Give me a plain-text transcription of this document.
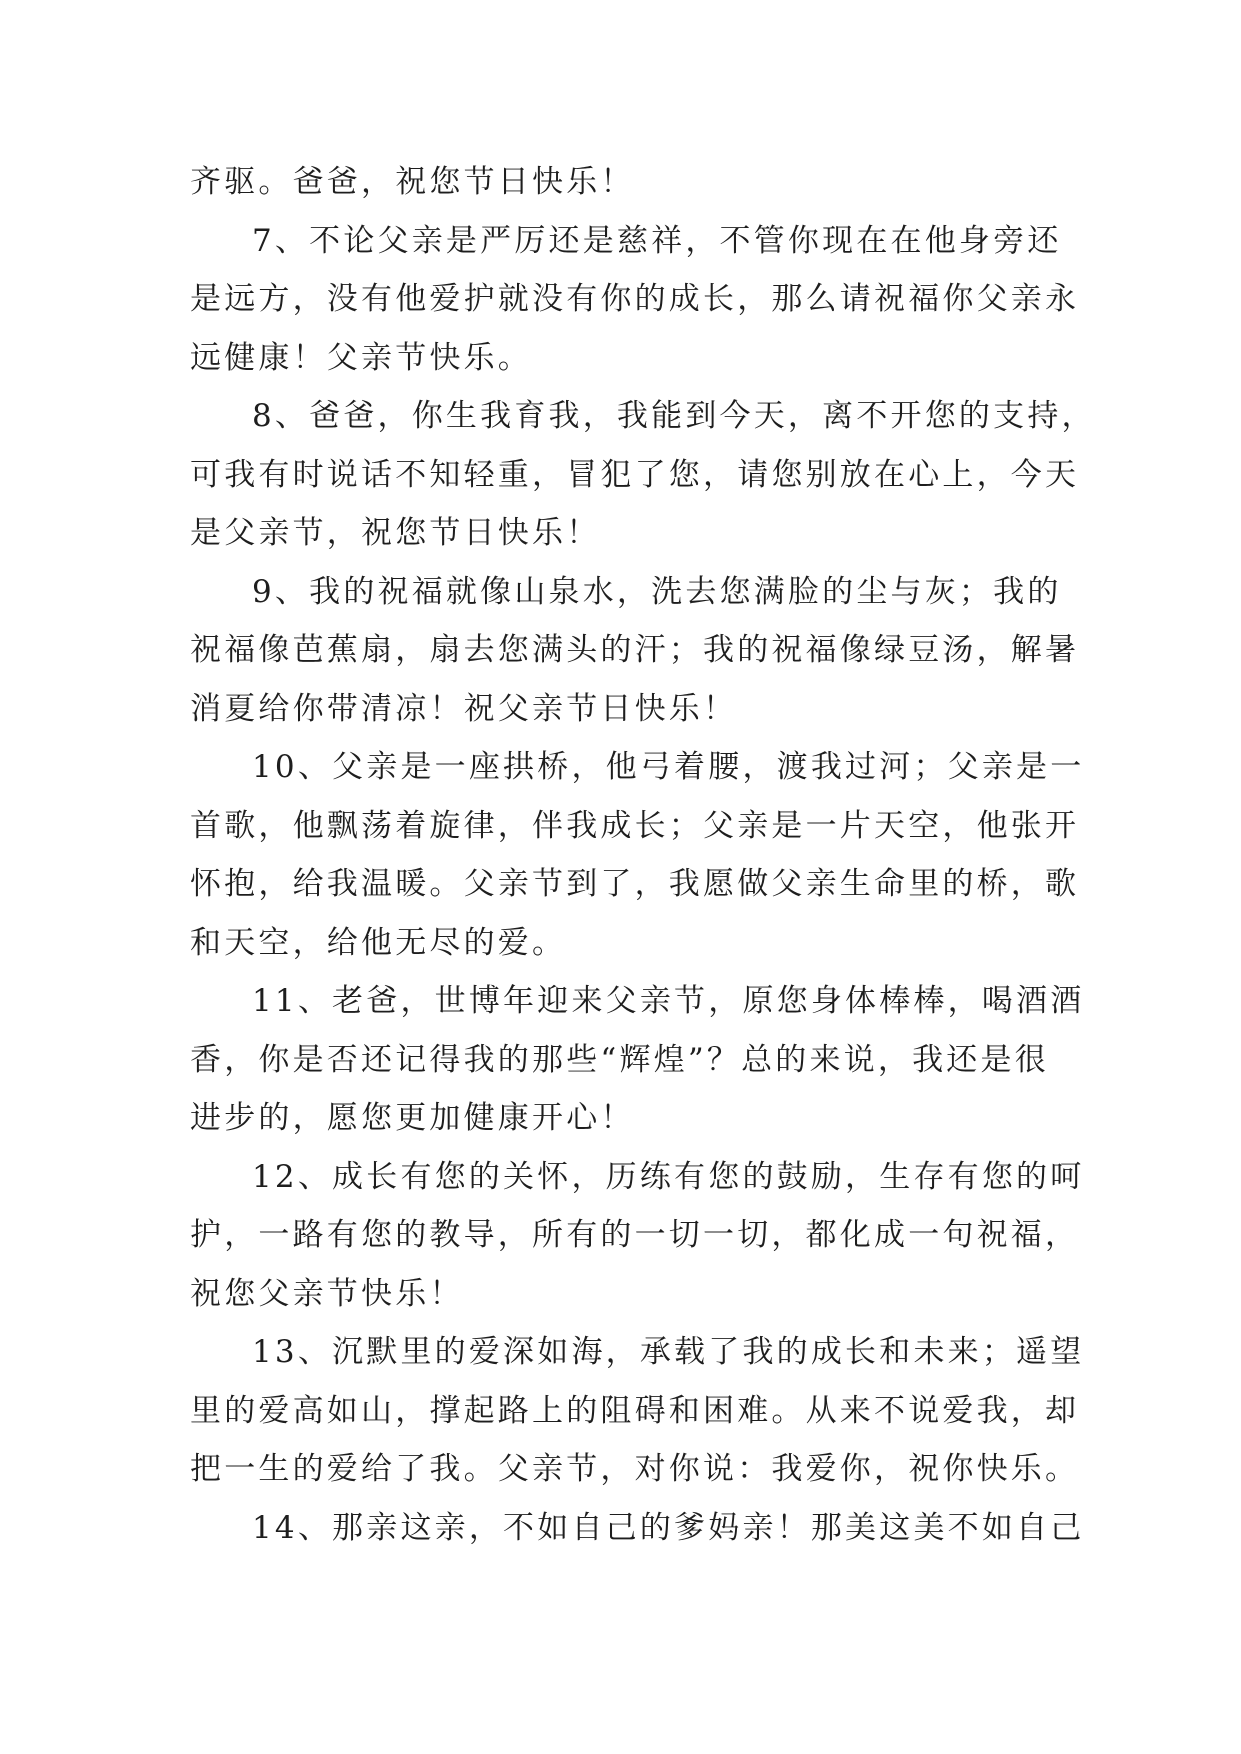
齐驱。爸爸，祝您节日快乐！
7、不论父亲是严厉还是慈祥，不管你现在在他身旁还
是远方，没有他爱护就没有你的成长，那么请祝福你父亲永
远健康！父亲节快乐。
8、爸爸，你生我育我，我能到今天，离不开您的支持，
可我有时说话不知轻重，冒犯了您，请您别放在心上，今天
是父亲节，祝您节日快乐！
9、我的祝福就像山泉水，洗去您满脸的尘与灰；我的
祝福像芭蕉扇，扇去您满头的汗；我的祝福像绿豆汤，解暑
消夏给你带清凉！祝父亲节日快乐！
10、父亲是一座拱桥，他弓着腰，渡我过河；父亲是一
首歌，他飘荡着旋律，伴我成长；父亲是一片天空，他张开
怀抱，给我温暖。父亲节到了，我愿做父亲生命里的桥，歌
和天空，给他无尽的爱。
11、老爸，世博年迎来父亲节，原您身体棒棒，喝酒酒
香，你是否还记得我的那些“辉煌”？总的来说，我还是很
进步的，愿您更加健康开心！
12、成长有您的关怀，历练有您的鼓励，生存有您的呵
护，一路有您的教导，所有的一切一切，都化成一句祝福，
祝您父亲节快乐！
13、沉默里的爱深如海，承载了我的成长和未来；遥望
里的爱高如山，撑起路上的阻碍和困难。从来不说爱我，却
把一生的爱给了我。父亲节，对你说：我爱你，祝你快乐。
14、那亲这亲，不如自己的爹妈亲！那美这美不如自己
